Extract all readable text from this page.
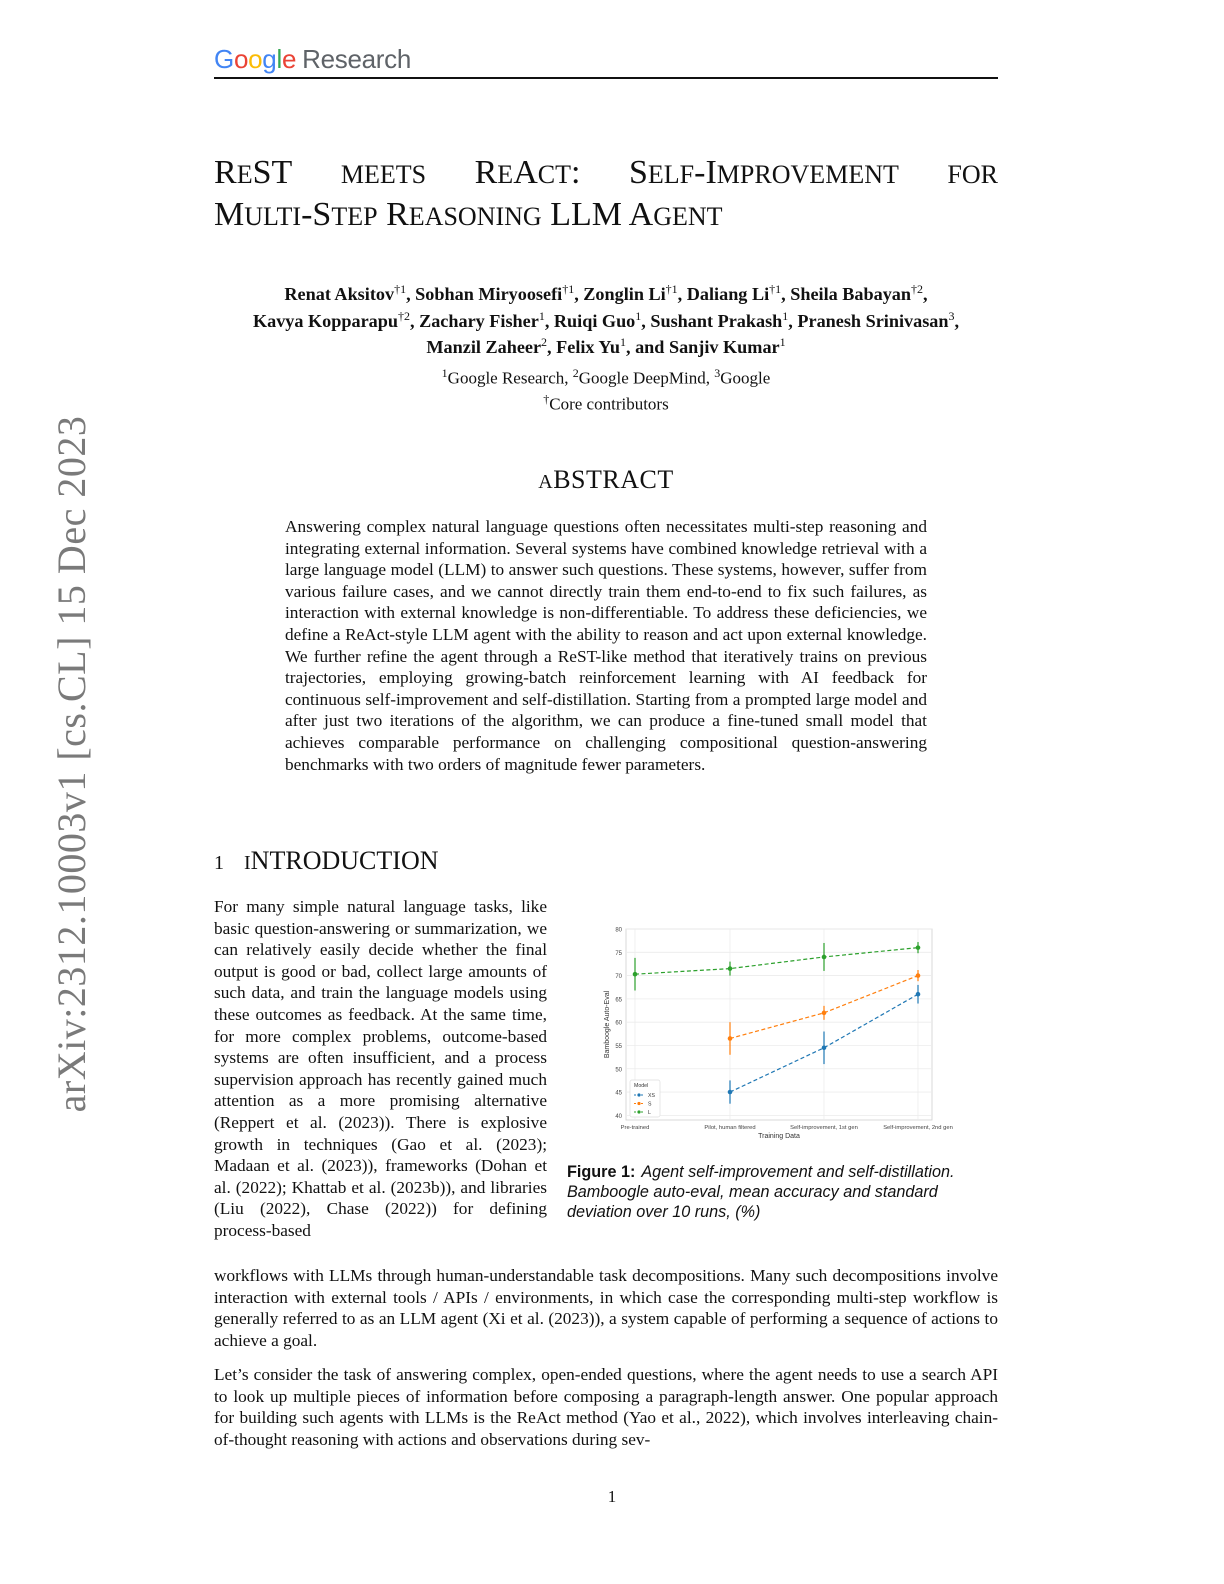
Google Research
arXiv:2312.10003v1 [cs.CL] 15 Dec 2023
REST MEETS REACT: SELF-IMPROVEMENT FOR
MULTI-STEP REASONING LLM AGENT
Renat Aksitov$^{\dagger 1}$, Sobhan Miryoosefi$^{\dagger 1}$, Zonglin Li$^{\dagger 1}$, Daliang Li$^{\dagger 1}$, Sheila Babayan$^{\dagger 2}$,
Kavya Kopparapu$^{\dagger 2}$, Zachary Fisher$^1$, Ruiqi Guo$^1$, Sushant Prakash$^1$, Pranesh Srinivasan$^3$,
Manzil Zaheer$^2$, Felix Yu$^1$, and Sanjiv Kumar$^1$
$^1$Google Research, $^2$Google DeepMind, $^3$Google
†Core contributors
ABSTRACT
Answering complex natural language questions often necessitates multi-step reasoning and integrating external information. Several systems have combined knowledge retrieval with a large language model (LLM) to answer such questions. These systems, however, suffer from various failure cases, and we cannot directly train them end-to-end to fix such failures, as interaction with external knowledge is non-differentiable. To address these deficiencies, we define a ReAct-style LLM agent with the ability to reason and act upon external knowledge. We further refine the agent through a ReST-like method that iteratively trains on previous trajectories, employing growing-batch reinforcement learning with AI feedback for continuous self-improvement and self-distillation. Starting from a prompted large model and after just two iterations of the algorithm, we can produce a fine-tuned small model that achieves comparable performance on challenging compositional question-answering benchmarks with two orders of magnitude fewer parameters.
1 INTRODUCTION
For many simple natural language tasks, like basic question-answering or summarization, we can relatively easily decide whether the final output is good or bad, collect large amounts of such data, and train the language models using these outcomes as feedback. At the same time, for more complex problems, outcome-based systems are often insufficient, and a process supervision approach has recently gained much attention as a more promising alternative (Reppert et al. (2023)). There is explosive growth in techniques (Gao et al. (2023); Madaan et al. (2023)), frameworks (Dohan et al. (2022); Khattab et al. (2023b)), and libraries (Liu (2022), Chase (2022)) for defining process-based
workflows with LLMs through human-understandable task decompositions. Many such decompositions involve interaction with external tools / APIs / environments, in which case the corresponding multi-step workflow is generally referred to as an LLM agent (Xi et al. (2023)), a system capable of performing a sequence of actions to achieve a goal.
Let’s consider the task of answering complex, open-ended questions, where the agent needs to use a search API to look up multiple pieces of information before composing a paragraph-length answer. One popular approach for building such agents with LLMs is the ReAct method (Yao et al., 2022), which involves interleaving chain-of-thought reasoning with actions and observations during sev-
40
45
50
55
60
65
70
75
80
Pre-trained	Pilot, human filtered	Self-improvement, 1st gen	Self-improvement, 2nd gen
Training Data
Bamboogle Auto-Eval
Model
XS
S
L
Figure 1: Agent self-improvement and self-distillation. Bamboogle auto-eval, mean accuracy and standard deviation over 10 runs, (%)
1
